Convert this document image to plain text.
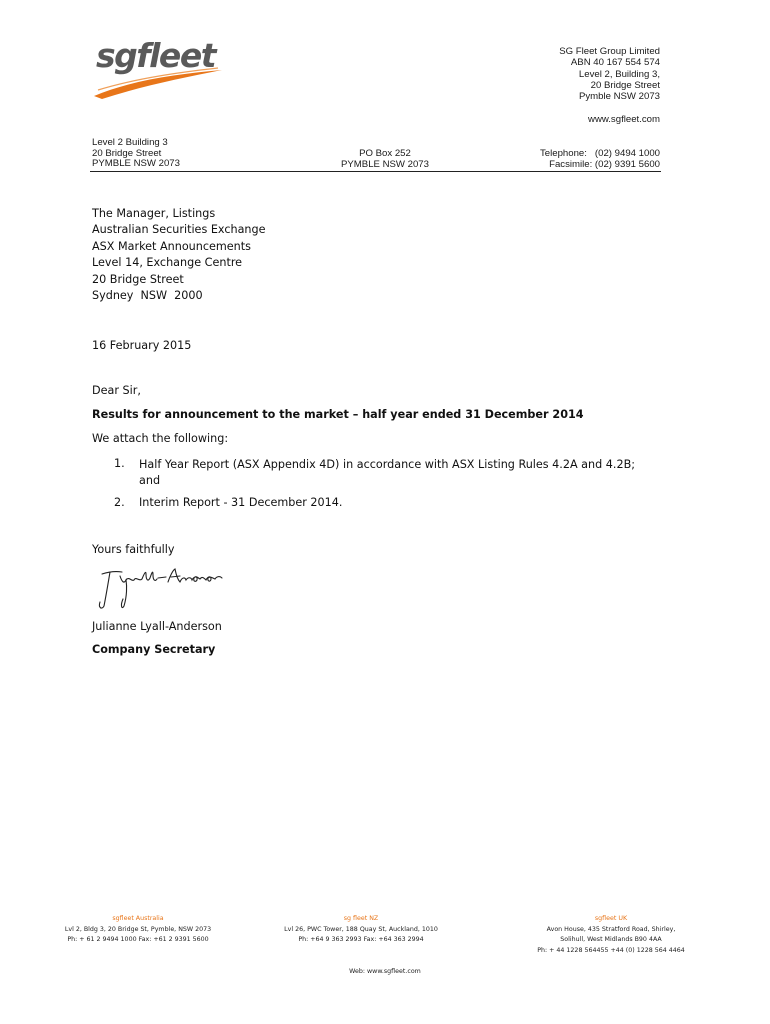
sgfleet	SG Fleet Group Limited
ABN 40 167 554 574
Level 2, Building 3,
20 Bridge Street
Pymble NSW 2073
www.sgfleet.com
Level 2 Building 3
20 Bridge Street
PYMBLE NSW 2073
PO Box 252
PYMBLE NSW 2073
Telephone:   (02) 9494 1000
Facsimile: (02) 9391 5600
The Manager, Listings
Australian Securities Exchange
ASX Market Announcements
Level 14, Exchange Centre
20 Bridge Street
Sydney  NSW  2000
16 February 2015
Dear Sir,
Results for announcement to the market – half year ended 31 December 2014
We attach the following:
1. Half Year Report (ASX Appendix 4D) in accordance with ASX Listing Rules 4.2A and 4.2B;
and
2. Interim Report - 31 December 2014.
Yours faithfully
Julianne Lyall-Anderson
Company Secretary
sgfleet Australia
Lvl 2, Bldg 3, 20 Bridge St, Pymble, NSW 2073
Ph: + 61 2 9494 1000 Fax: +61 2 9391 5600
sg fleet NZ
Lvl 26, PWC Tower, 188 Quay St, Auckland, 1010
Ph: +64 9 363 2993 Fax: +64 363 2994
sgfleet UK
Avon House, 435 Stratford Road, Shirley,
Solihull, West Midlands B90 4AA
Ph: + 44 1228 564455 +44 (0) 1228 564 4464
Web: www.sgfleet.com
